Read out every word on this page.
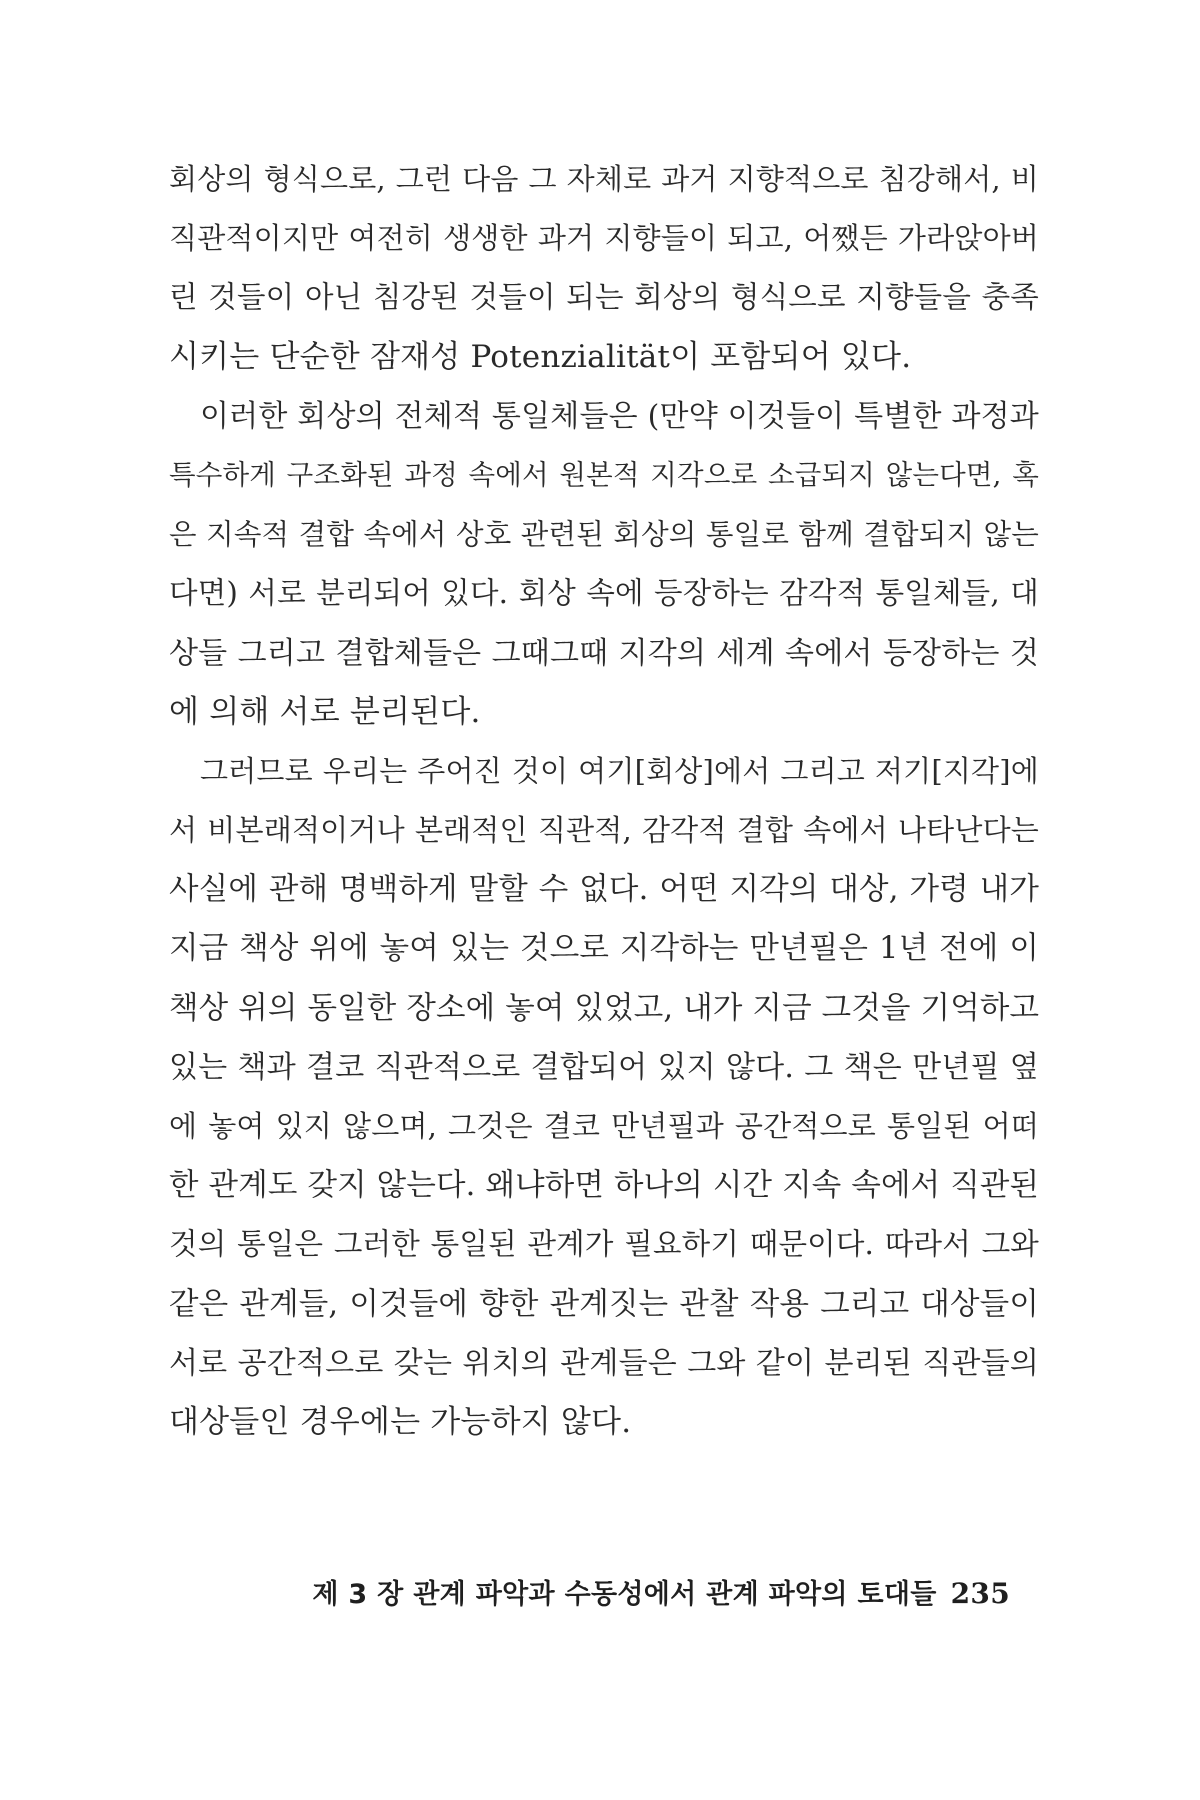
회상의 형식으로, 그런 다음 그 자체로 과거 지향적으로 침강해서, 비
직관적이지만 여전히 생생한 과거 지향들이 되고, 어쨌든 가라앉아버
린 것들이 아닌 침강된 것들이 되는 회상의 형식으로 지향들을 충족
시키는 단순한 잠재성 Potenzialität이 포함되어 있다.
이러한 회상의 전체적 통일체들은 (만약 이것들이 특별한 과정과
특수하게 구조화된 과정 속에서 원본적 지각으로 소급되지 않는다면, 혹
은 지속적 결합 속에서 상호 관련된 회상의 통일로 함께 결합되지 않는
다면) 서로 분리되어 있다. 회상 속에 등장하는 감각적 통일체들, 대
상들 그리고 결합체들은 그때그때 지각의 세계 속에서 등장하는 것
에 의해 서로 분리된다.
그러므로 우리는 주어진 것이 여기[회상]에서 그리고 저기[지각]에
서 비본래적이거나 본래적인 직관적, 감각적 결합 속에서 나타난다는
사실에 관해 명백하게 말할 수 없다. 어떤 지각의 대상, 가령 내가
지금 책상 위에 놓여 있는 것으로 지각하는 만년필은 1년 전에 이
책상 위의 동일한 장소에 놓여 있었고, 내가 지금 그것을 기억하고
있는 책과 결코 직관적으로 결합되어 있지 않다. 그 책은 만년필 옆
에 놓여 있지 않으며, 그것은 결코 만년필과 공간적으로 통일된 어떠
한 관계도 갖지 않는다. 왜냐하면 하나의 시간 지속 속에서 직관된
것의 통일은 그러한 통일된 관계가 필요하기 때문이다. 따라서 그와
같은 관계들, 이것들에 향한 관계짓는 관찰 작용 그리고 대상들이
서로 공간적으로 갖는 위치의 관계들은 그와 같이 분리된 직관들의
대상들인 경우에는 가능하지 않다.
제 3 장 관계 파악과 수동성에서 관계 파악의 토대들 235
